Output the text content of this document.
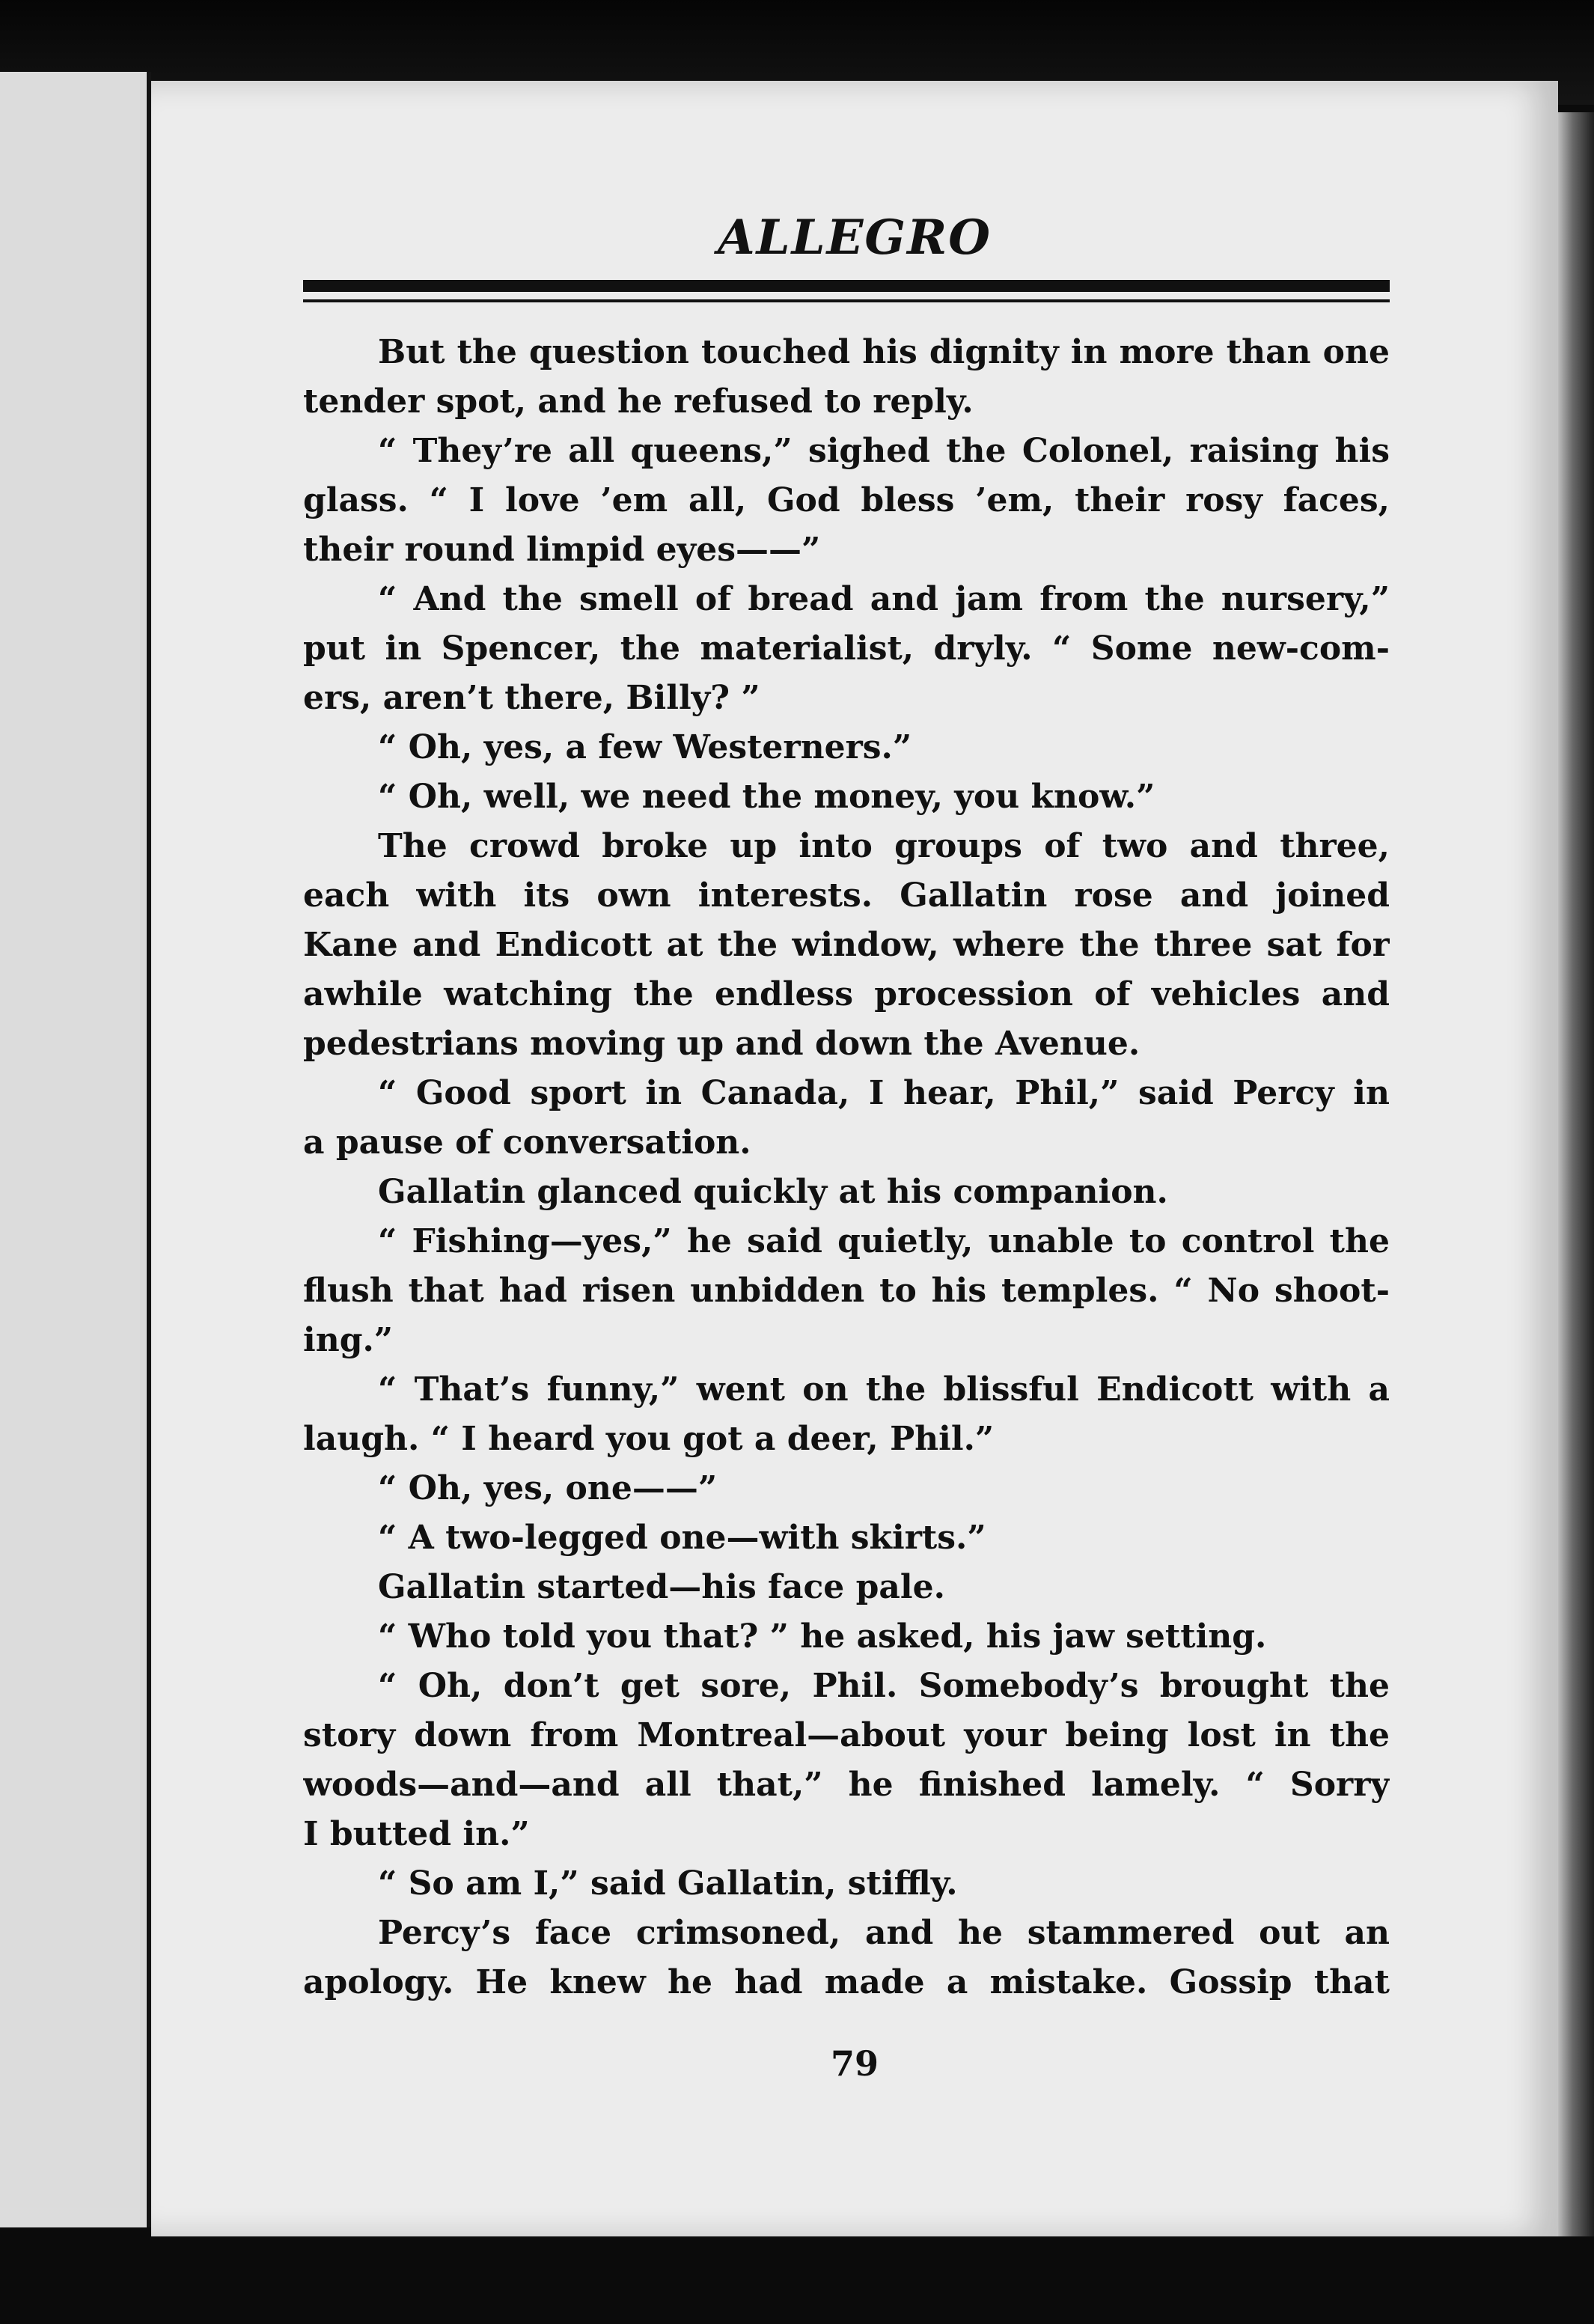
ALLEGRO
But the question touched his dignity in more than one
tender spot, and he refused to reply.
“ They’re all queens,” sighed the Colonel, raising his
glass. “ I love ’em all, God bless ’em, their rosy faces,
their round limpid eyes——”
“ And the smell of bread and jam from the nursery,”
put in Spencer, the materialist, dryly. “ Some new-com-
ers, aren’t there, Billy? ”
“ Oh, yes, a few Westerners.”
“ Oh, well, we need the money, you know.”
The crowd broke up into groups of two and three,
each with its own interests. Gallatin rose and joined
Kane and Endicott at the window, where the three sat for
awhile watching the endless procession of vehicles and
pedestrians moving up and down the Avenue.
“ Good sport in Canada, I hear, Phil,” said Percy in
a pause of conversation.
Gallatin glanced quickly at his companion.
“ Fishing—yes,” he said quietly, unable to control the
flush that had risen unbidden to his temples. “ No shoot-
ing.”
“ That’s funny,” went on the blissful Endicott with a
laugh. “ I heard you got a deer, Phil.”
“ Oh, yes, one——”
“ A two-legged one—with skirts.”
Gallatin started—his face pale.
“ Who told you that? ” he asked, his jaw setting.
“ Oh, don’t get sore, Phil. Somebody’s brought the
story down from Montreal—about your being lost in the
woods—and—and all that,” he finished lamely. “ Sorry
I butted in.”
“ So am I,” said Gallatin, stiffly.
Percy’s face crimsoned, and he stammered out an
apology. He knew he had made a mistake. Gossip that
79
